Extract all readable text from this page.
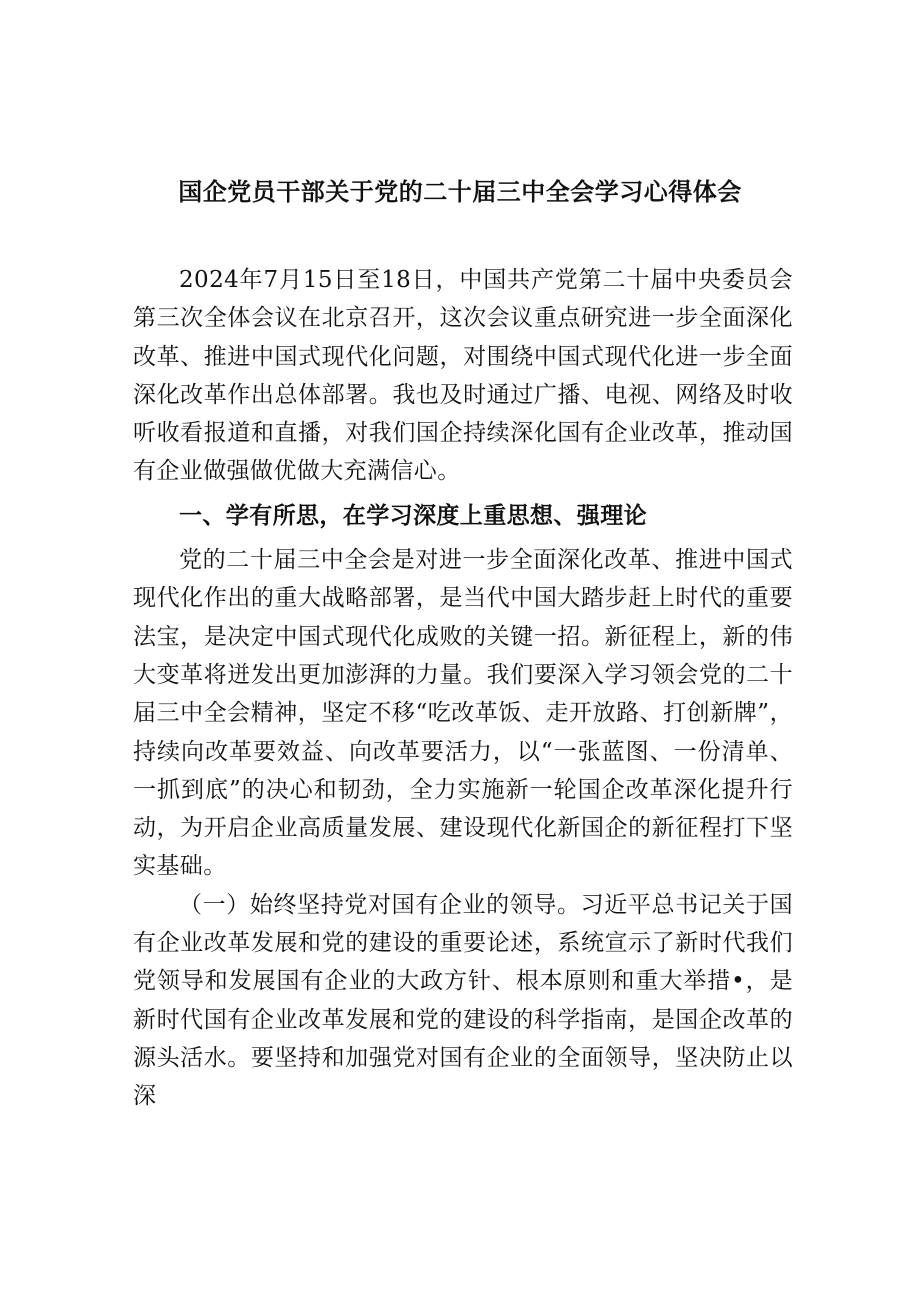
国企党员干部关于党的二十届三中全会学习心得体会

2024年7月15日至18日，中国共产党第二十届中央委员会第三次全体会议在北京召开，这次会议重点研究进一步全面深化改革、推进中国式现代化问题，对围绕中国式现代化进一步全面深化改革作出总体部署。我也及时通过广播、电视、网络及时收听收看报道和直播，对我们国企持续深化国有企业改革，推动国有企业做强做优做大充满信心。

一、学有所思，在学习深度上重思想、强理论

党的二十届三中全会是对进一步全面深化改革、推进中国式现代化作出的重大战略部署，是当代中国大踏步赶上时代的重要法宝，是决定中国式现代化成败的关键一招。新征程上，新的伟大变革将迸发出更加澎湃的力量。我们要深入学习领会党的二十届三中全会精神，坚定不移“吃改革饭、走开放路、打创新牌”，持续向改革要效益、向改革要活力，以“一张蓝图、一份清单、一抓到底”的决心和韧劲，全力实施新一轮国企改革深化提升行动，为开启企业高质量发展、建设现代化新国企的新征程打下坚实基础。

（一）始终坚持党对国有企业的领导。习近平总书记关于国有企业改革发展和党的建设的重要论述，系统宣示了新时代我们党领导和发展国有企业的大政方针、根本原则和重大举措•，是新时代国有企业改革发展和党的建设的科学指南，是国企改革的源头活水。要坚持和加强党对国有企业的全面领导，坚决防止以深
